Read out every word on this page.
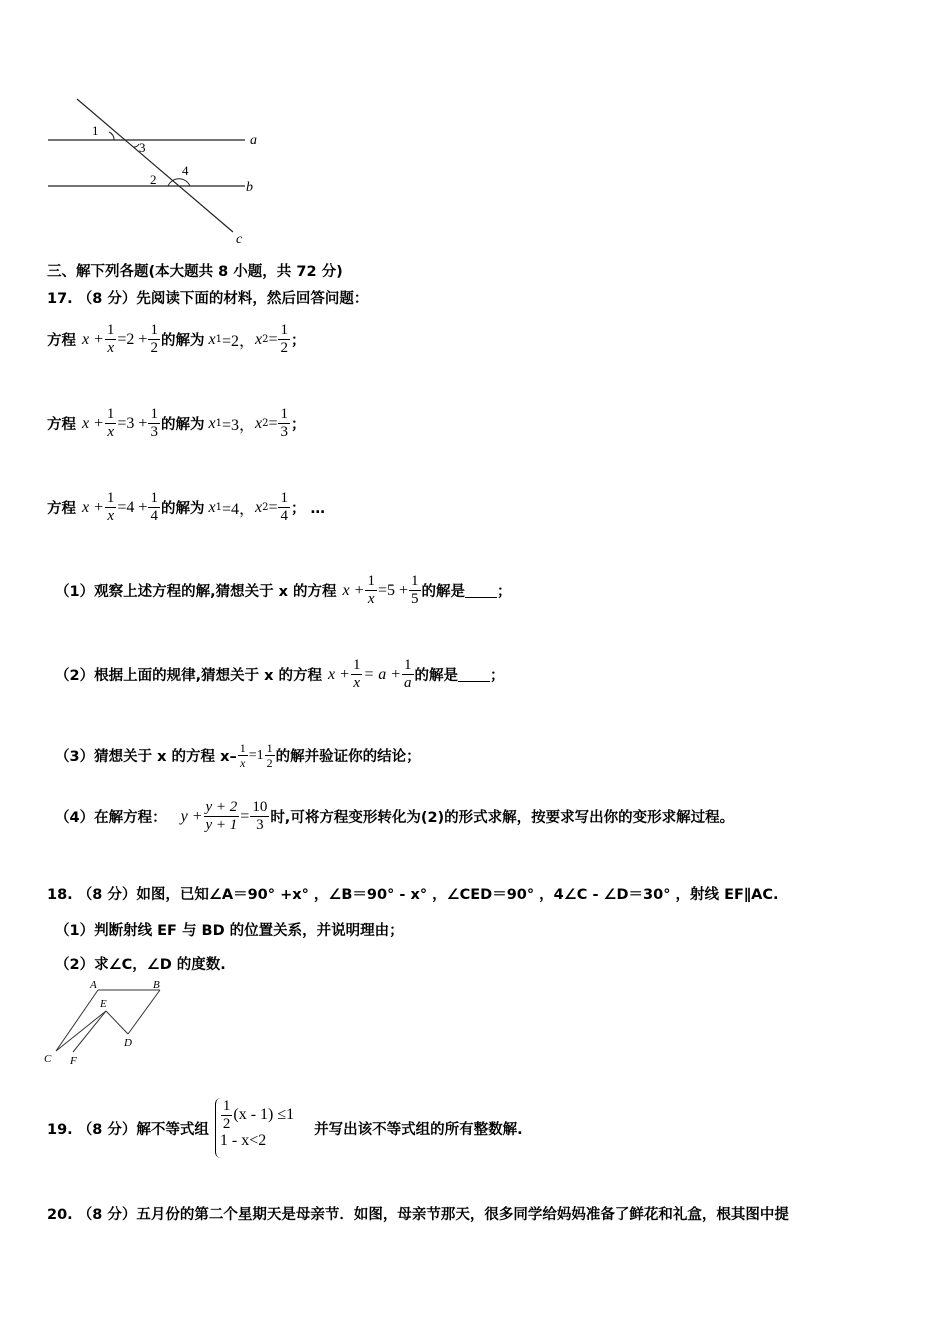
1
3
2
4
a
b
c
三、解下列各题(本大题共 8 小题，共 72 分)
17. （8 分）先阅读下面的材料，然后回答问题：
方程 $x + \frac{1}{x} =2 + \frac{1}{2}$ 的解为 x 1 =2， x $2 = \frac{1}{2}$ ；
方程 $x + \frac{1}{x} =3 + \frac{1}{3}$ 的解为 x 1 =3， x $2 = \frac{1}{3}$ ；
方程 $x + \frac{1}{x} =4 + \frac{1}{4}$ 的解为 x 1 =4， x $2 = \frac{1}{4}$ ； …
（1）观察上述方程的解,猜想关于 x 的方程 $x + \frac{1}{x} =5 + \frac{1}{5}$ 的解是 ；
（2）根据上面的规律,猜想关于 x 的方程 $x + \frac{1}{x} = a + \frac{1}{a}$ 的解是 ；
（3）猜想关于 x 的方程 $x- \frac{1}{x} =1 \frac{1}{2}$ 的解并验证你的结论；
（4）在解方程： $y + \frac{y + 2}{y + 1} = \frac{10}{3}$ 时,可将方程变形转化为(2)的形式求解，按要求写出你的变形求解过程。
18. （8 分）如图，已知∠A＝90° +x° ，∠B＝90° - x° ，∠CED＝90° ，4∠C - ∠D＝30° ，射线 EF∥AC.
（1）判断射线 EF 与 BD 的位置关系，并说明理由；
（2）求∠C，∠D 的度数.
A	B
E
D
C F
19. （8 分）解不等式组 $\frac{1}{2} (x - 1) \le 1$
1 - x<2
并写出该不等式组的所有整数解.
20. （8 分）五月份的第二个星期天是母亲节．如图，母亲节那天，很多同学给妈妈准备了鲜花和礼盒，根其图中提
